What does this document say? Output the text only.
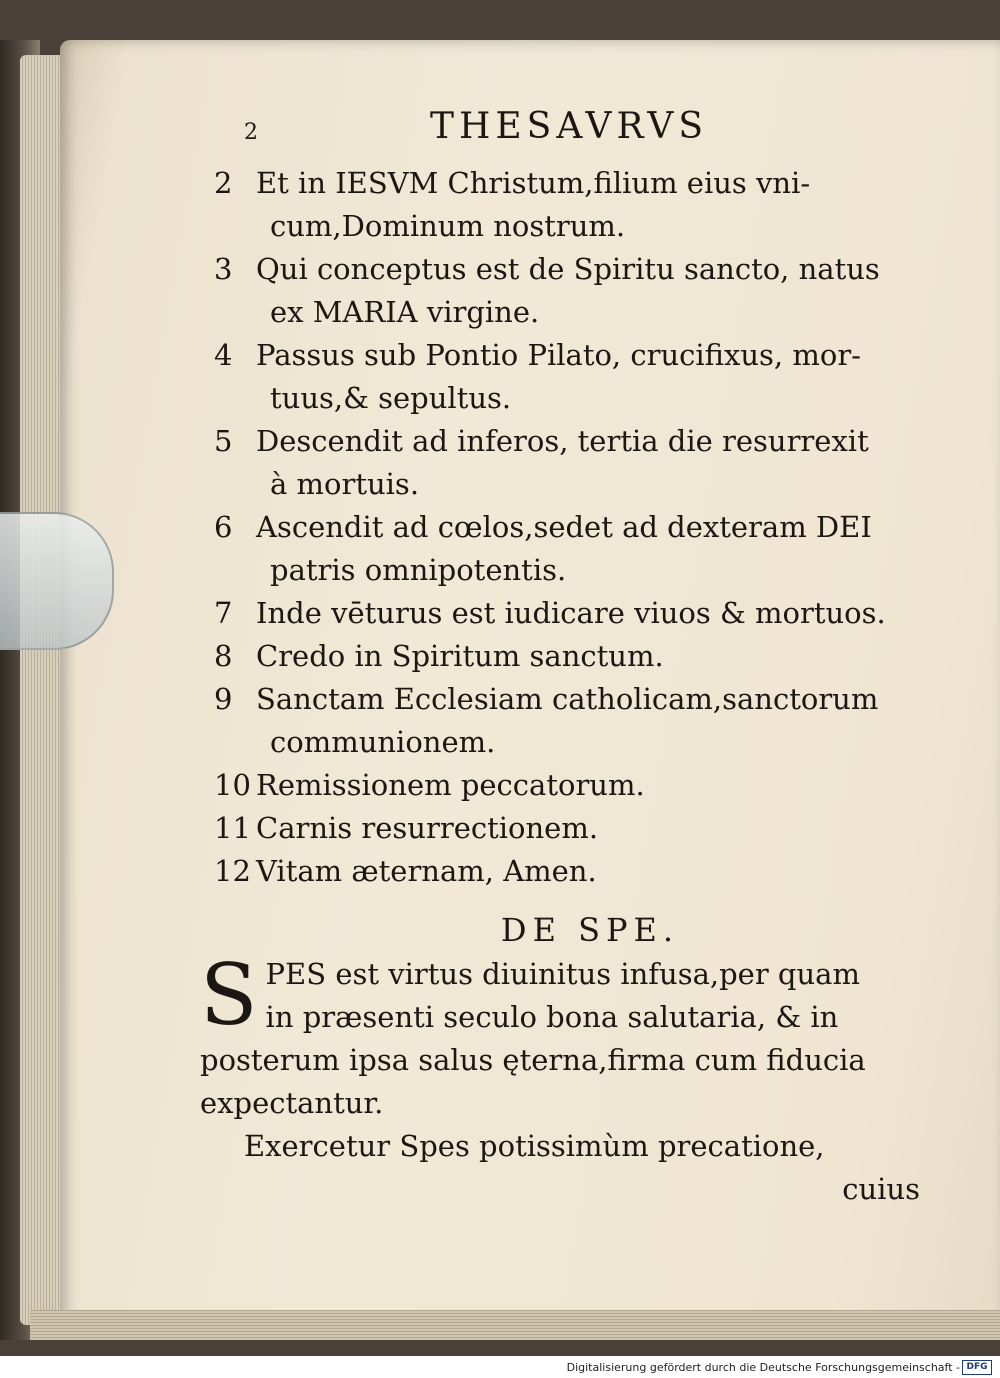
2	THESAVRVS
2 Et in IESVM Christum,filium eius vni-
cum,Dominum nostrum.
3 Qui conceptus est de Spiritu sancto, natus
ex MARIA virgine.
4 Passus sub Pontio Pilato, crucifixus, mor-
tuus,& sepultus.
5 Descendit ad inferos, tertia die resurrexit
à mortuis.
6 Ascendit ad cœlos,sedet ad dexteram DEI
patris omnipotentis.
7 Inde vēturus est iudicare viuos & mortuos.
8 Credo in Spiritum sanctum.
9 Sanctam Ecclesiam catholicam,sanctorum
communionem.
10 Remissionem peccatorum.
11 Carnis resurrectionem.
12 Vitam æternam, Amen.
DE SPE.
S PES est virtus diuinitus infusa,per quam
in præsenti seculo bona salutaria, & in
posterum ipsa salus ęterna,firma cum fiducia
expectantur.
Exercetur Spes potissimùm precatione,
cuius
Digitalisierung gefördert durch die Deutsche Forschungsgemeinschaft - DFG
